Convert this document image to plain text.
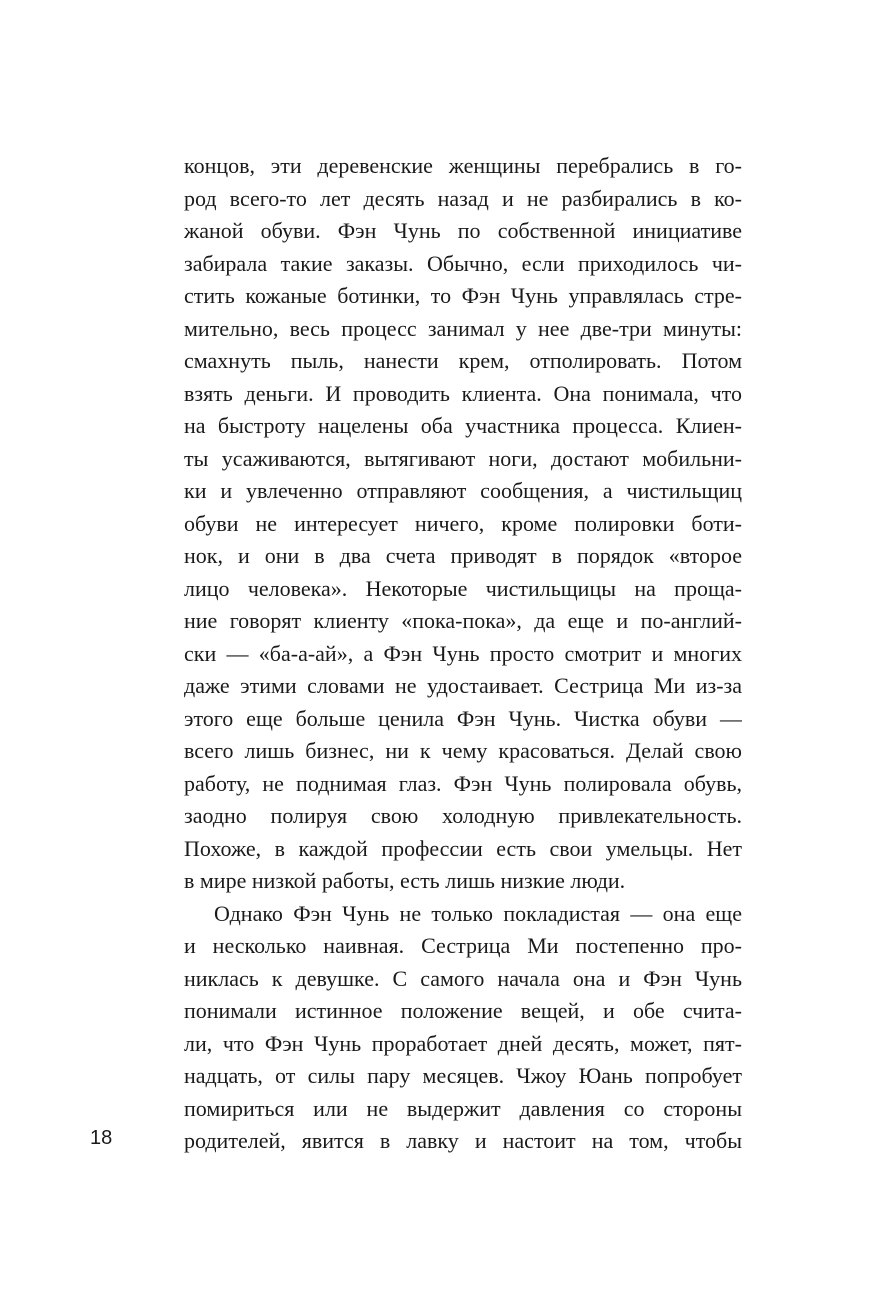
концов, эти деревенские женщины перебрались в го-
род всего-то лет десять назад и не разбирались в ко-
жаной обуви. Фэн Чунь по собственной инициативе
забирала такие заказы. Обычно, если приходилось чи-
стить кожаные ботинки, то Фэн Чунь управлялась стре-
мительно, весь процесс занимал у нее две-три минуты:
смахнуть пыль, нанести крем, отполировать. Потом
взять деньги. И проводить клиента. Она понимала, что
на быстроту нацелены оба участника процесса. Клиен-
ты усаживаются, вытягивают ноги, достают мобильни-
ки и увлеченно отправляют сообщения, а чистильщиц
обуви не интересует ничего, кроме полировки боти-
нок, и они в два счета приводят в порядок «второе
лицо человека». Некоторые чистильщицы на проща-
ние говорят клиенту «пока-пока», да еще и по-англий-
ски — «ба-а-ай», а Фэн Чунь просто смотрит и многих
даже этими словами не удостаивает. Сестрица Ми из-за
этого еще больше ценила Фэн Чунь. Чистка обуви —
всего лишь бизнес, ни к чему красоваться. Делай свою
работу, не поднимая глаз. Фэн Чунь полировала обувь,
заодно полируя свою холодную привлекательность.
Похоже, в каждой профессии есть свои умельцы. Нет
в мире низкой работы, есть лишь низкие люди.
Однако Фэн Чунь не только покладистая — она еще
и несколько наивная. Сестрица Ми постепенно про-
никлась к девушке. С самого начала она и Фэн Чунь
понимали истинное положение вещей, и обе счита-
ли, что Фэн Чунь проработает дней десять, может, пят-
надцать, от силы пару месяцев. Чжоу Юань попробует
помириться или не выдержит давления со стороны
родителей, явится в лавку и настоит на том, чтобы
18
